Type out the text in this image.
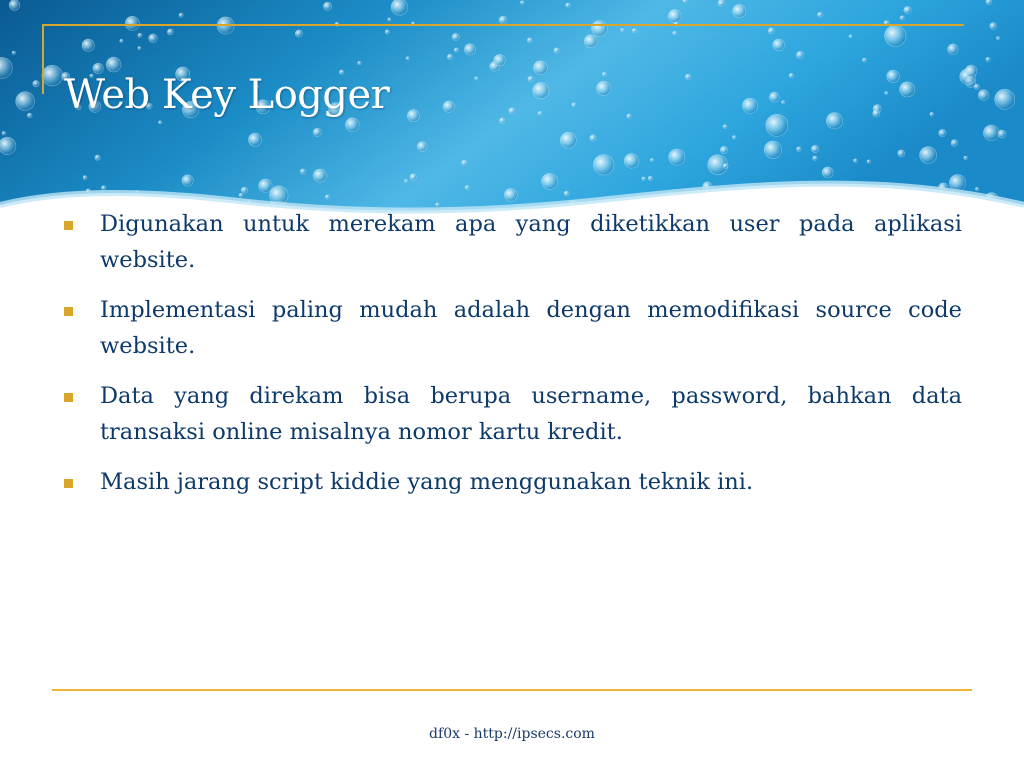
Web Key Logger
Digunakan untuk merekam apa yang diketikkan user pada aplikasi website.
Implementasi paling mudah adalah dengan memodifikasi source code website.
Data yang direkam bisa berupa username, password, bahkan data transaksi online misalnya nomor kartu kredit.
Masih jarang script kiddie yang menggunakan teknik ini.
df0x - http://ipsecs.com
